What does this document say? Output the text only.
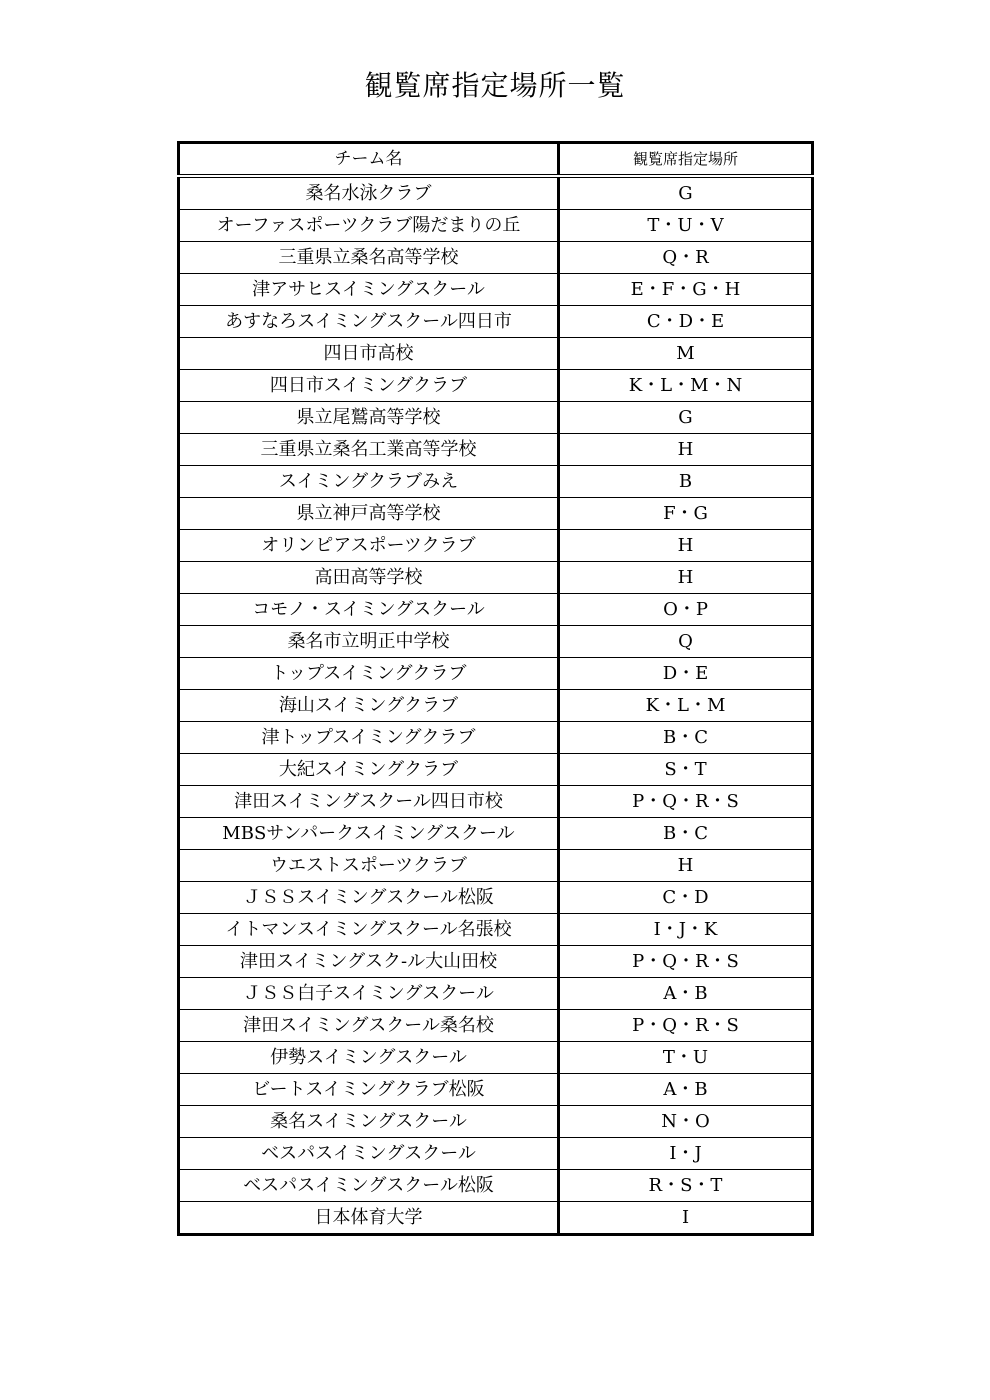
観覧席指定場所一覧
チーム名	観覧席指定場所
桑名水泳クラブ	G
オーファスポーツクラブ陽だまりの丘	T・U・V
三重県立桑名高等学校	Q・R
津アサヒスイミングスクール	E・F・G・H
あすなろスイミングスクール四日市	C・D・E
四日市高校	M
四日市スイミングクラブ	K・L・M・N
県立尾鷲高等学校	G
三重県立桑名工業高等学校	H
スイミングクラブみえ	B
県立神戸高等学校	F・G
オリンピアスポーツクラブ	H
高田高等学校	H
コモノ・スイミングスクール	O・P
桑名市立明正中学校	Q
トップスイミングクラブ	D・E
海山スイミングクラブ	K・L・M
津トップスイミングクラブ	B・C
大紀スイミングクラブ	S・T
津田スイミングスクール四日市校	P・Q・R・S
MBSサンパークスイミングスクール	B・C
ウエストスポーツクラブ	H
ＪＳＳスイミングスクール松阪	C・D
イトマンスイミングスクール名張校	I・J・K
津田スイミングスク-ル大山田校	P・Q・R・S
ＪＳＳ白子スイミングスクール	A・B
津田スイミングスクール桑名校	P・Q・R・S
伊勢スイミングスクール	T・U
ビートスイミングクラブ松阪	A・B
桑名スイミングスクール	N・O
ベスパスイミングスクール	I・J
ベスパスイミングスクール松阪	R・S・T
日本体育大学	I
